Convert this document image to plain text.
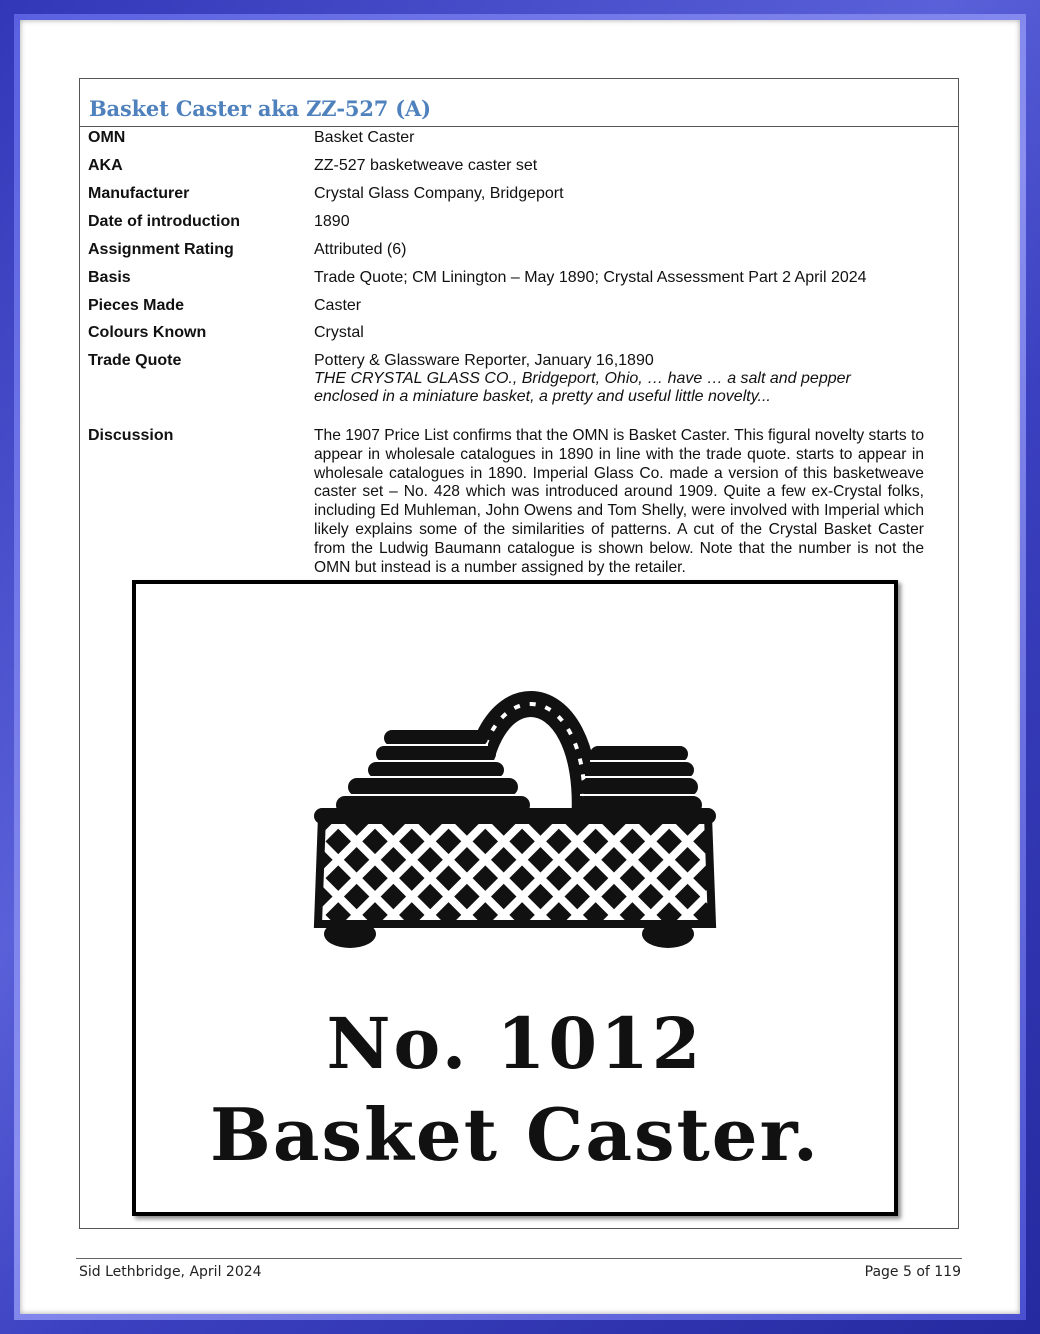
Basket Caster aka ZZ-527 (A)
OMN	Basket Caster
AKA	ZZ-527 basketweave caster set
Manufacturer	Crystal Glass Company, Bridgeport
Date of introduction	1890
Assignment Rating	Attributed (6)
Basis	Trade Quote; CM Linington – May 1890; Crystal Assessment Part 2 April 2024
Pieces Made	Caster
Colours Known	Crystal
Trade Quote	Pottery & Glassware Reporter, January 16,1890
THE CRYSTAL GLASS CO., Bridgeport, Ohio, … have … a salt and pepper
enclosed in a miniature basket, a pretty and useful little novelty...
Discussion	The 1907 Price List confirms that the OMN is Basket Caster. This figural novelty starts to appear in wholesale catalogues in 1890 in line with the trade quote. starts to appear in wholesale catalogues in 1890. Imperial Glass Co. made a version of this basketweave caster set – No. 428 which was introduced around 1909. Quite a few ex-Crystal folks, including Ed Muhleman, John Owens and Tom Shelly, were involved with Imperial which likely explains some of the similarities of patterns. A cut of the Crystal Basket Caster from the Ludwig Baumann catalogue is shown below. Note that the number is not the OMN but instead is a number assigned by the retailer.
No. 1012
Basket Caster.
Sid Lethbridge, April 2024	Page 5 of 119
